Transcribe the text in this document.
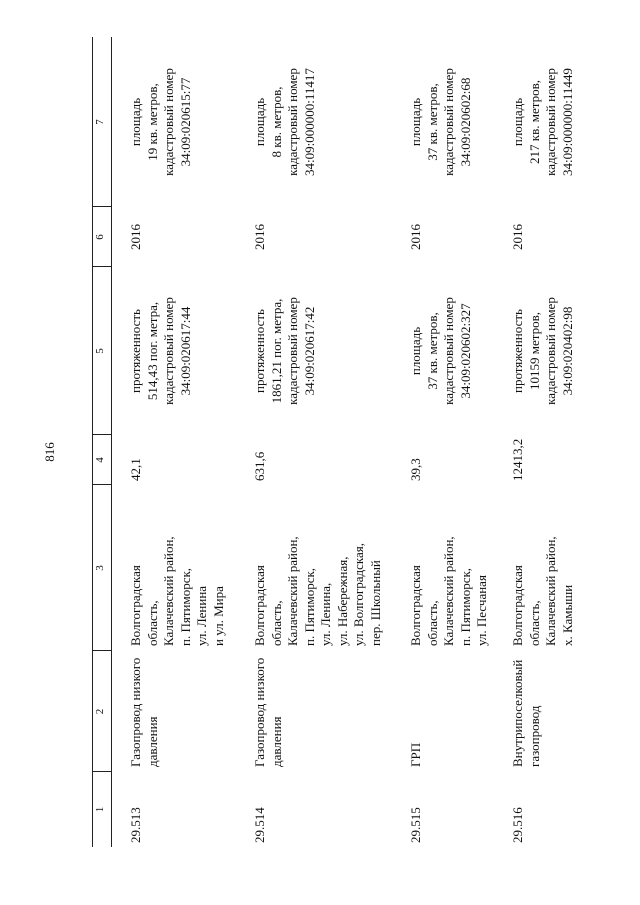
816
1
2
3
4
5
6
7
29.513
Газопровод низкого давления
Волгоградская
область,
Калачевский район,
п. Пятиморск,
ул. Ленина
и ул. Мира
42,1
протяженность
514,43 пог. метра,
кадастровый номер
34:09:020617:44
2016
площадь
19 кв. метров,
кадастровый номер
34:09:020615:77
29.514
Газопровод низкого давления
Волгоградская
область,
Калачевский район,
п. Пятиморск,
ул. Ленина,
ул. Набережная,
ул. Волгоградская,
пер. Школьный
631,6
протяженность
1861,21 пог. метра,
кадастровый номер
34:09:020617:42
2016
площадь
8 кв. метров,
кадастровый номер
34:09:000000:11417
29.515
ГРП
Волгоградская
область,
Калачевский район,
п. Пятиморск,
ул. Песчаная
39,3
площадь
37 кв. метров,
кадастровый номер
34:09:020602:327
2016
площадь
37 кв. метров,
кадастровый номер
34:09:020602:68
29.516
Внутрипоселковый газопровод
Волгоградская
область,
Калачевский район,
х. Камыши
12413,2
протяженность
10159 метров,
кадастровый номер
34:09:020402:98
2016
площадь
217 кв. метров,
кадастровый номер
34:09:000000:11449
